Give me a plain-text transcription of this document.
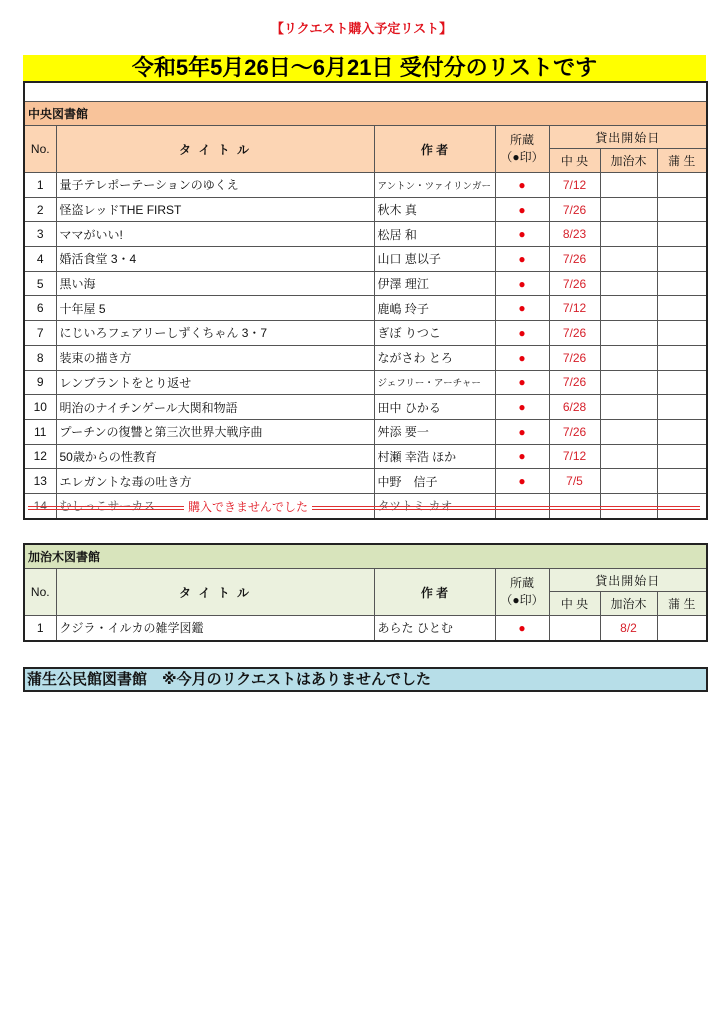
【リクエスト購入予定リスト】
令和5年5月26日～6月21日 受付分のリストです

中央図書館						
No.	タ イ ト ル	作 者	所蔵
（●印）	貸出開始日		
				中 央	加治木	蒲 生
1	量子テレポーテーションのゆくえ	アントン・ツァイリンガー	●	7/12		
2	怪盗レッドTHE FIRST	秋木 真	●	7/26		
3	ママがいい!	松居 和	●	8/23		
4	婚活食堂 3・4	山口 恵以子	●	7/26		
5	黒い海	伊澤 理江	●	7/26		
6	十年屋 5	鹿嶋 玲子	●	7/12		
7	にじいろフェアリーしずくちゃん 3・7	ぎぼ りつこ	●	7/26		
8	装束の描き方	ながさわ とろ	●	7/26		
9	レンブラントをとり返せ	ジェフリー・アーチャー	●	7/26		
10	明治のナイチンゲール大関和物語	田中 ひかる	●	6/28		
11	プーチンの復讐と第三次世界大戦序曲	舛添 要一	●	7/26		
12	50歳からの性教育	村瀬 幸浩 ほか	●	7/12		
13	エレガントな毒の吐き方	中野　信子	●	7/5		
14	むしっこサーカス	タツトミ カオ				
購入できませんでした
加治木図書館						
No.	タ イ ト ル	作 者	所蔵
（●印）	貸出開始日		
				中 央	加治木	蒲 生
1	クジラ・イルカの雑学図鑑	あらた ひとむ	●		8/2	
蒲生公民館図書館　※今月のリクエストはありませんでした
